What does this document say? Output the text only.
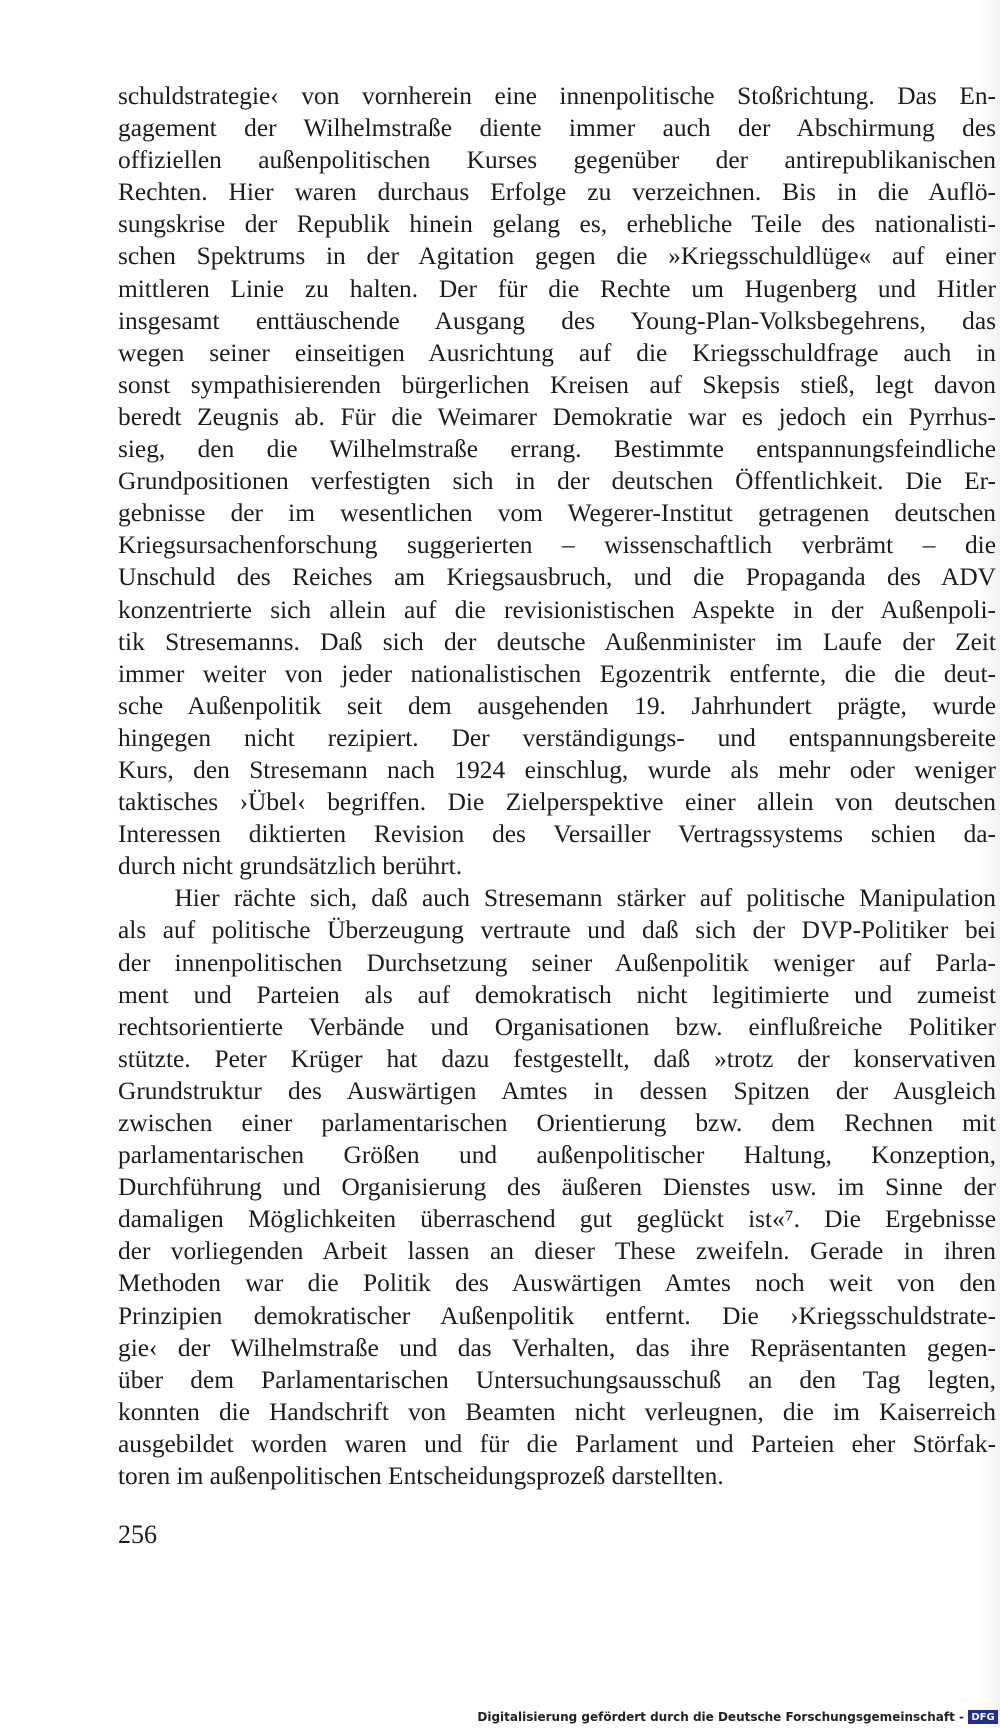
schuldstrategie‹ von vornherein eine innenpolitische Stoßrichtung. Das En-
gagement der Wilhelmstraße diente immer auch der Abschirmung des
offiziellen außenpolitischen Kurses gegenüber der antirepublikanischen
Rechten. Hier waren durchaus Erfolge zu verzeichnen. Bis in die Auflö-
sungskrise der Republik hinein gelang es, erhebliche Teile des nationalisti-
schen Spektrums in der Agitation gegen die »Kriegsschuldlüge« auf einer
mittleren Linie zu halten. Der für die Rechte um Hugenberg und Hitler
insgesamt enttäuschende Ausgang des Young-Plan-Volksbegehrens, das
wegen seiner einseitigen Ausrichtung auf die Kriegsschuldfrage auch in
sonst sympathisierenden bürgerlichen Kreisen auf Skepsis stieß, legt davon
beredt Zeugnis ab. Für die Weimarer Demokratie war es jedoch ein Pyrrhus-
sieg, den die Wilhelmstraße errang. Bestimmte entspannungsfeindliche
Grundpositionen verfestigten sich in der deutschen Öffentlichkeit. Die Er-
gebnisse der im wesentlichen vom Wegerer-Institut getragenen deutschen
Kriegsursachenforschung suggerierten – wissenschaftlich verbrämt – die
Unschuld des Reiches am Kriegsausbruch, und die Propaganda des ADV
konzentrierte sich allein auf die revisionistischen Aspekte in der Außenpoli-
tik Stresemanns. Daß sich der deutsche Außenminister im Laufe der Zeit
immer weiter von jeder nationalistischen Egozentrik entfernte, die die deut-
sche Außenpolitik seit dem ausgehenden 19. Jahrhundert prägte, wurde
hingegen nicht rezipiert. Der verständigungs- und entspannungsbereite
Kurs, den Stresemann nach 1924 einschlug, wurde als mehr oder weniger
taktisches ›Übel‹ begriffen. Die Zielperspektive einer allein von deutschen
Interessen diktierten Revision des Versailler Vertragssystems schien da-
durch nicht grundsätzlich berührt.
Hier rächte sich, daß auch Stresemann stärker auf politische Manipulation
als auf politische Überzeugung vertraute und daß sich der DVP-Politiker bei
der innenpolitischen Durchsetzung seiner Außenpolitik weniger auf Parla-
ment und Parteien als auf demokratisch nicht legitimierte und zumeist
rechtsorientierte Verbände und Organisationen bzw. einflußreiche Politiker
stützte. Peter Krüger hat dazu festgestellt, daß »trotz der konservativen
Grundstruktur des Auswärtigen Amtes in dessen Spitzen der Ausgleich
zwischen einer parlamentarischen Orientierung bzw. dem Rechnen mit
parlamentarischen Größen und außenpolitischer Haltung, Konzeption,
Durchführung und Organisierung des äußeren Dienstes usw. im Sinne der
damaligen Möglichkeiten überraschend gut geglückt ist«⁷. Die Ergebnisse
der vorliegenden Arbeit lassen an dieser These zweifeln. Gerade in ihren
Methoden war die Politik des Auswärtigen Amtes noch weit von den
Prinzipien demokratischer Außenpolitik entfernt. Die ›Kriegsschuldstrate-
gie‹ der Wilhelmstraße und das Verhalten, das ihre Repräsentanten gegen-
über dem Parlamentarischen Untersuchungsausschuß an den Tag legten,
konnten die Handschrift von Beamten nicht verleugnen, die im Kaiserreich
ausgebildet worden waren und für die Parlament und Parteien eher Störfak-
toren im außenpolitischen Entscheidungsprozeß darstellten.
256
Digitalisierung gefördert durch die Deutsche Forschungsgemeinschaft - DFG
